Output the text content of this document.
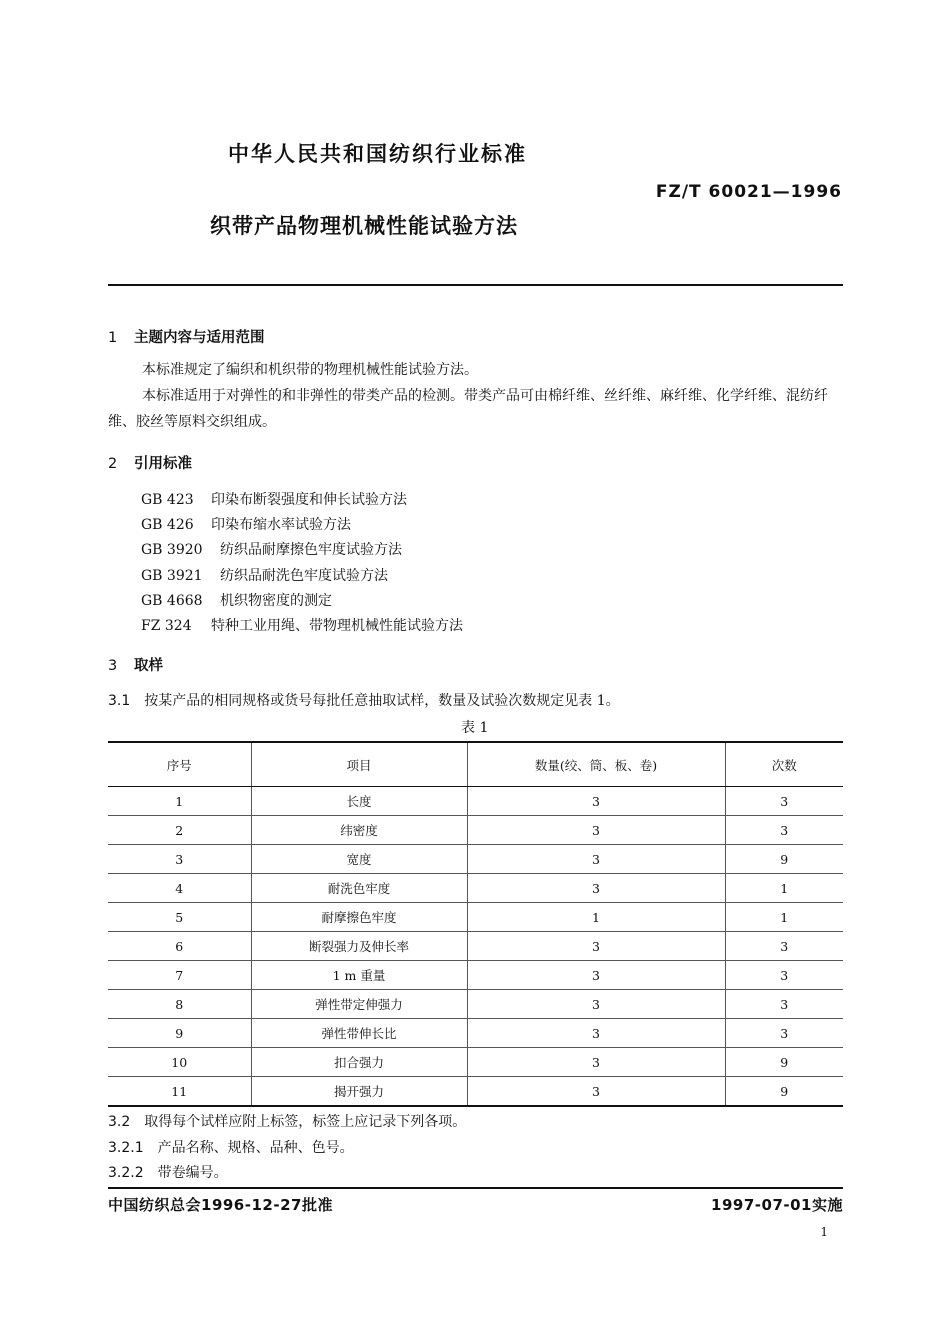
中华人民共和国纺织行业标准
FZ/T 60021—1996
织带产品物理机械性能试验方法
1 主题内容与适用范围

本标准规定了编织和机织带的物理机械性能试验方法。

本标准适用于对弹性的和非弹性的带类产品的检测。带类产品可由棉纤维、丝纤维、麻纤维、化学纤维、混纺纤维、胶丝等原料交织组成。

2 引用标准
GB 423 印染布断裂强度和伸长试验方法
GB 426 印染布缩水率试验方法
GB 3920 纺织品耐摩擦色牢度试验方法
GB 3921 纺织品耐洗色牢度试验方法
GB 4668 机织物密度的测定
FZ 324 特种工业用绳、带物理机械性能试验方法
3 取样
3.1 按某产品的相同规格或货号每批任意抽取试样，数量及试验次数规定见表 1。
表 1
序号	项目	数量(绞、筒、板、卷)	次数
1	长度	3	3
2	纬密度	3	3
3	宽度	3	9
4	耐洗色牢度	3	1
5	耐摩擦色牢度	1	1
6	断裂强力及伸长率	3	3
7	1 m 重量	3	3
8	弹性带定伸强力	3	3
9	弹性带伸长比	3	3
10	扣合强力	3	9
11	揭开强力	3	9
3.2 取得每个试样应附上标签，标签上应记录下列各项。
3.2.1 产品名称、规格、品种、色号。
3.2.2 带卷编号。
中国纺织总会1996-12-27批准	1997-07-01实施
1
